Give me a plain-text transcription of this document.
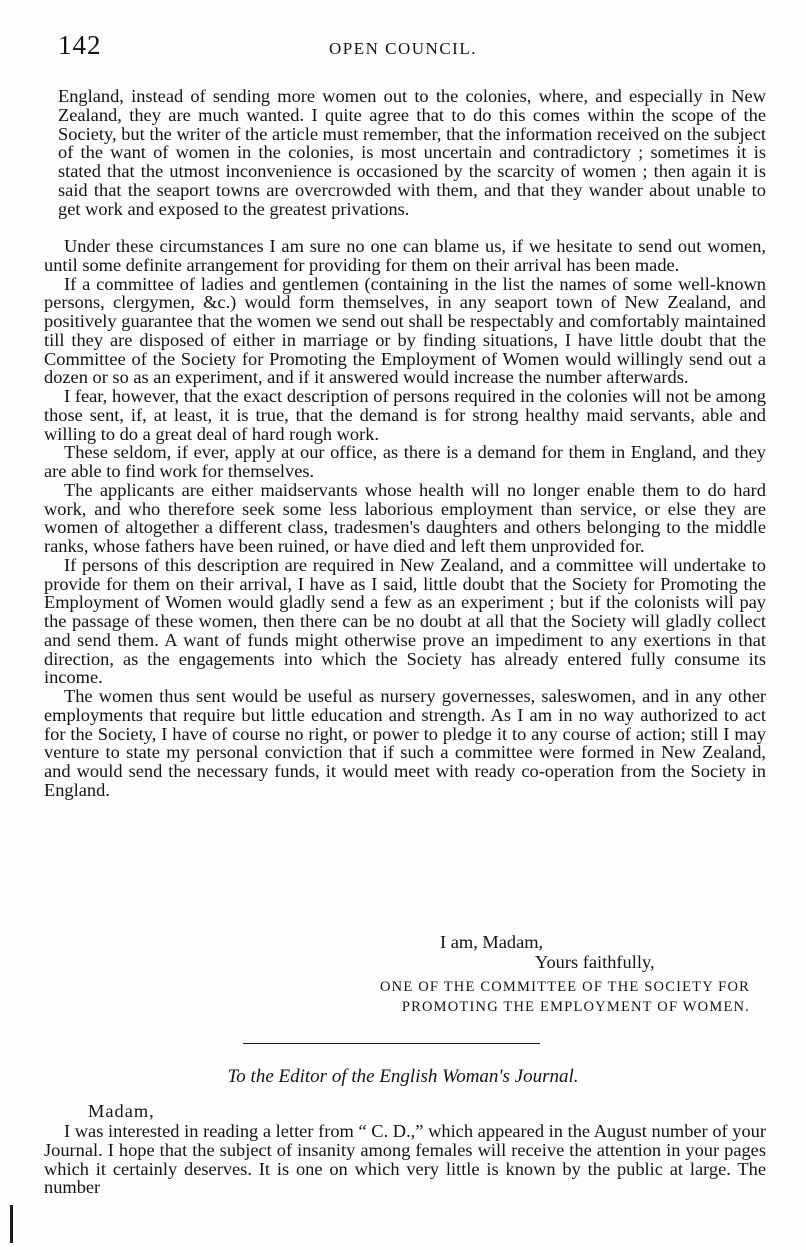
142	OPEN COUNCIL.

England, instead of sending more women out to the colonies, where, and especially in New Zealand, they are much wanted. I quite agree that to do this comes within the scope of the Society, but the writer of the article must remember, that the information received on the subject of the want of women in the colonies, is most uncertain and contradictory ; sometimes it is stated that the utmost inconvenience is occasioned by the scarcity of women ; then again it is said that the seaport towns are overcrowded with them, and that they wander about unable to get work and exposed to the greatest privations.

Under these circumstances I am sure no one can blame us, if we hesitate to send out women, until some definite arrangement for providing for them on their arrival has been made.

If a committee of ladies and gentlemen (containing in the list the names of some well-known persons, clergymen, &c.) would form themselves, in any seaport town of New Zealand, and positively guarantee that the women we send out shall be respectably and comfortably maintained till they are disposed of either in marriage or by finding situations, I have little doubt that the Committee of the Society for Promoting the Employment of Women would willingly send out a dozen or so as an experiment, and if it answered would increase the number afterwards.

I fear, however, that the exact description of persons required in the colonies will not be among those sent, if, at least, it is true, that the demand is for strong healthy maid servants, able and willing to do a great deal of hard rough work.

These seldom, if ever, apply at our office, as there is a demand for them in England, and they are able to find work for themselves.

The applicants are either maidservants whose health will no longer enable them to do hard work, and who therefore seek some less laborious employment than service, or else they are women of altogether a different class, tradesmen's daughters and others belonging to the middle ranks, whose fathers have been ruined, or have died and left them unprovided for.

If persons of this description are required in New Zealand, and a committee will undertake to provide for them on their arrival, I have as I said, little doubt that the Society for Promoting the Employment of Women would gladly send a few as an experiment ; but if the colonists will pay the passage of these women, then there can be no doubt at all that the Society will gladly collect and send them. A want of funds might otherwise prove an impediment to any exertions in that direction, as the engagements into which the Society has already entered fully consume its income.

The women thus sent would be useful as nursery governesses, saleswomen, and in any other employments that require but little education and strength. As I am in no way authorized to act for the Society, I have of course no right, or power to pledge it to any course of action; still I may venture to state my personal conviction that if such a committee were formed in New Zealand, and would send the necessary funds, it would meet with ready co-operation from the Society in England.

I am, Madam,
Yours faithfully,
ONE OF THE COMMITTEE OF THE SOCIETY FOR
PROMOTING THE EMPLOYMENT OF WOMEN.
To the Editor of the English Woman's Journal.
Madam,

I was interested in reading a letter from “ C. D.,” which appeared in the August number of your Journal. I hope that the subject of insanity among females will receive the attention in your pages which it certainly deserves. It is one on which very little is known by the public at large. The number
